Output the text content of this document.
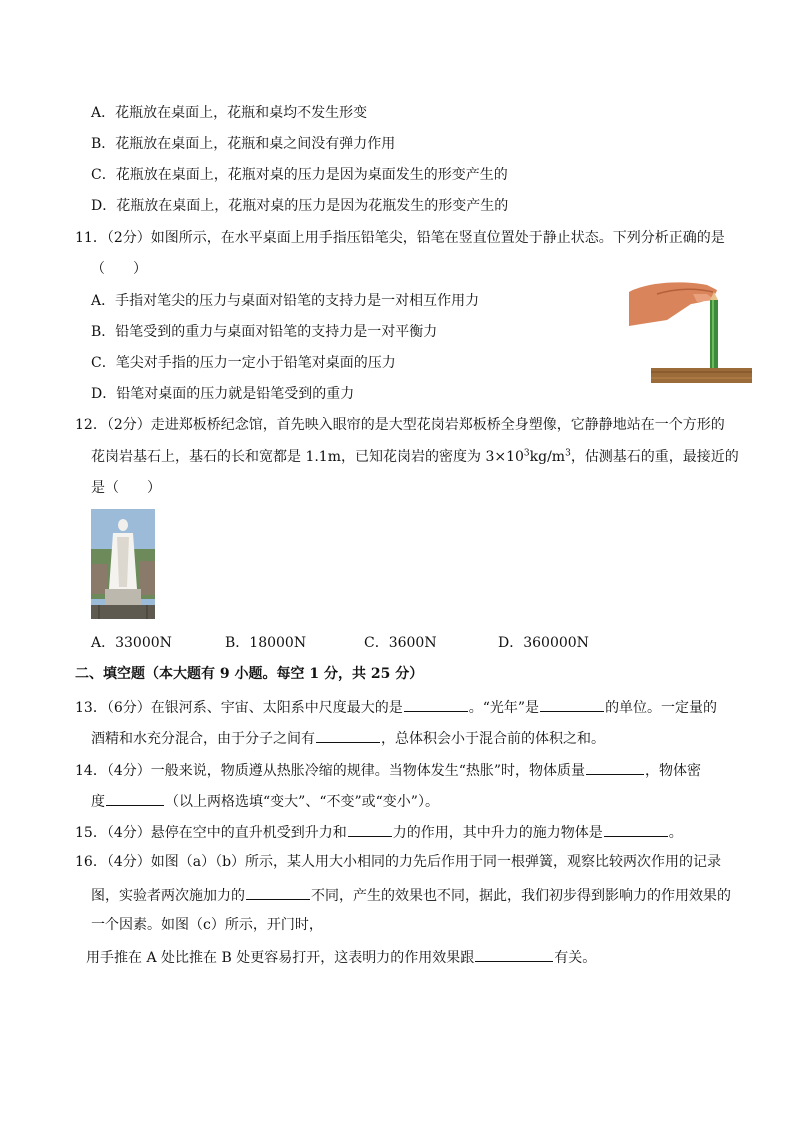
A．花瓶放在桌面上，花瓶和桌均不发生形变
B．花瓶放在桌面上，花瓶和桌之间没有弹力作用
C．花瓶放在桌面上，花瓶对桌的压力是因为桌面发生的形变产生的
D．花瓶放在桌面上，花瓶对桌的压力是因为花瓶发生的形变产生的
11．（2分）如图所示，在水平桌面上用手指压铅笔尖，铅笔在竖直位置处于静止状态。下列分析正确的是
（　　）
A．手指对笔尖的压力与桌面对铅笔的支持力是一对相互作用力
B．铅笔受到的重力与桌面对铅笔的支持力是一对平衡力
C．笔尖对手指的压力一定小于铅笔对桌面的压力
D．铅笔对桌面的压力就是铅笔受到的重力
12．（2分）走进郑板桥纪念馆，首先映入眼帘的是大型花岗岩郑板桥全身塑像，它静静地站在一个方形的
花岗岩基石上，基石的长和宽都是 1.1m，已知花岗岩的密度为 $3\times 10^3kg/m^3$，估测基石的重，最接近的
是（　　）
A．33000N	B．18000N	C．3600N	D．360000N
二、填空题（本大题有 9 小题。每空 1 分，共 25 分）
13．（6分）在银河系、宇宙、太阳系中尺度最大的是	。“光年”是	的单位。一定量的
酒精和水充分混合，由于分子之间有	，总体积会小于混合前的体积之和。
14．（4分）一般来说，物质遵从热胀冷缩的规律。当物体发生“热胀”时，物体质量	，物体密
度	（以上两格选填“变大”、“不变”或“变小”）。
15．（4分）悬停在空中的直升机受到升力和	力的作用，其中升力的施力物体是	。
16．（4分）如图（a）（b）所示，某人用大小相同的力先后作用于同一根弹簧，观察比较两次作用的记录
图，实验者两次施加力的	不同，产生的效果也不同，据此，我们初步得到影响力的作用效果的
一个因素。如图（c）所示，开门时，
用手推在 A 处比推在 B 处更容易打开，这表明力的作用效果跟	有关。
